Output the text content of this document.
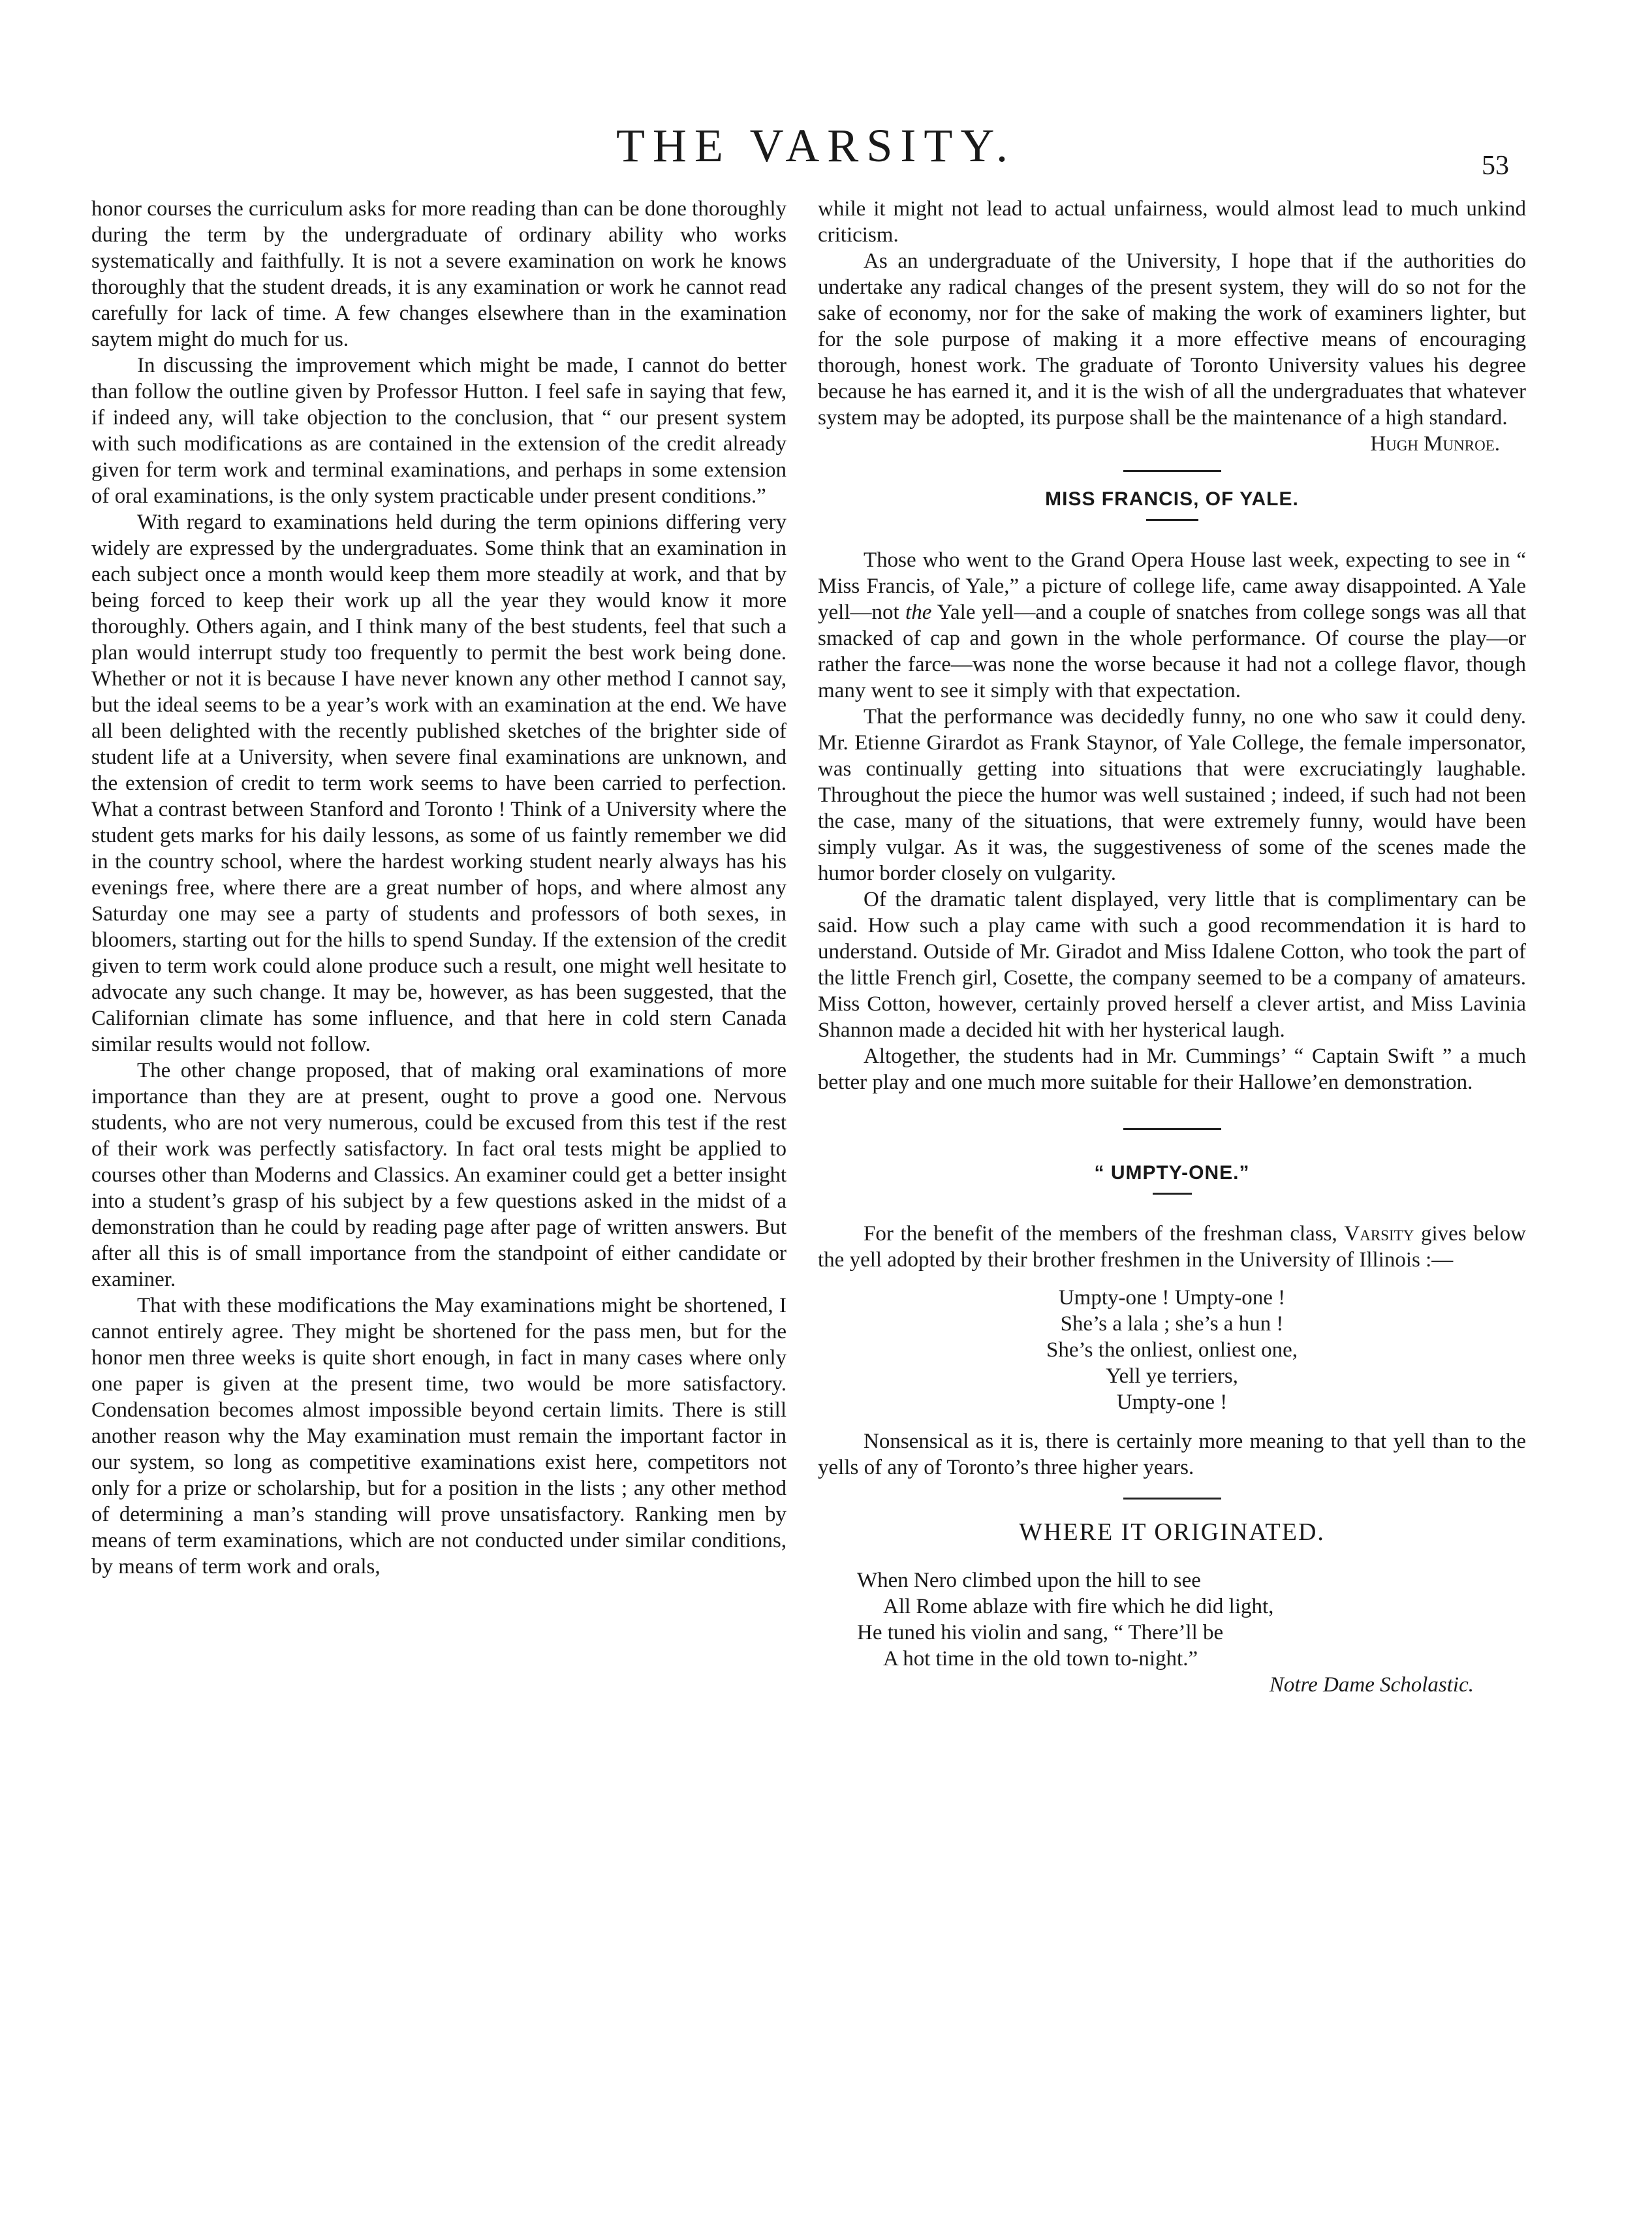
THE VARSITY.	53

honor courses the curriculum asks for more reading than can be done thoroughly during the term by the undergraduate of ordinary ability who works systematically and faithfully. It is not a severe examination on work he knows thoroughly that the student dreads, it is any examination or work he cannot read carefully for lack of time. A few changes elsewhere than in the examination saytem might do much for us.

In discussing the improvement which might be made, I cannot do better than follow the outline given by Professor Hutton. I feel safe in saying that few, if indeed any, will take objection to the conclusion, that “ our present system with such modifications as are contained in the extension of the credit already given for term work and terminal examinations, and perhaps in some extension of oral examinations, is the only system practicable under present conditions.”

With regard to examinations held during the term opinions differing very widely are expressed by the undergraduates. Some think that an examination in each subject once a month would keep them more steadily at work, and that by being forced to keep their work up all the year they would know it more thoroughly. Others again, and I think many of the best students, feel that such a plan would interrupt study too frequently to permit the best work being done. Whether or not it is because I have never known any other method I cannot say, but the ideal seems to be a year’s work with an examination at the end. We have all been delighted with the recently published sketches of the brighter side of student life at a University, when severe final examinations are unknown, and the extension of credit to term work seems to have been carried to perfection. What a contrast between Stanford and Toronto ! Think of a University where the student gets marks for his daily lessons, as some of us faintly remember we did in the country school, where the hardest working student nearly always has his evenings free, where there are a great number of hops, and where almost any Saturday one may see a party of students and professors of both sexes, in bloomers, starting out for the hills to spend Sunday. If the extension of the credit given to term work could alone produce such a result, one might well hesitate to advocate any such change. It may be, however, as has been suggested, that the Californian climate has some influence, and that here in cold stern Canada similar results would not follow.

The other change proposed, that of making oral examinations of more importance than they are at present, ought to prove a good one. Nervous students, who are not very numerous, could be excused from this test if the rest of their work was perfectly satisfactory. In fact oral tests might be applied to courses other than Moderns and Classics. An examiner could get a better insight into a student’s grasp of his subject by a few questions asked in the midst of a demonstration than he could by reading page after page of written answers. But after all this is of small importance from the standpoint of either candidate or examiner.

That with these modifications the May examinations might be shortened, I cannot entirely agree. They might be shortened for the pass men, but for the honor men three weeks is quite short enough, in fact in many cases where only one paper is given at the present time, two would be more satisfactory. Condensation becomes almost impossible beyond certain limits. There is still another reason why the May examination must remain the important factor in our system, so long as competitive examinations exist here, competitors not only for a prize or scholarship, but for a position in the lists ; any other method of determining a man’s standing will prove unsatisfactory. Ranking men by means of term examinations, which are not conducted under similar conditions, by means of term work and orals,

while it might not lead to actual unfairness, would almost lead to much unkind criticism.

As an undergraduate of the University, I hope that if the authorities do undertake any radical changes of the present system, they will do so not for the sake of economy, nor for the sake of making the work of examiners lighter, but for the sole purpose of making it a more effective means of encouraging thorough, honest work. The graduate of Toronto University values his degree because he has earned it, and it is the wish of all the undergraduates that whatever system may be adopted, its purpose shall be the maintenance of a high standard.

Hugh Munroe.

MISS FRANCIS, OF YALE.

Those who went to the Grand Opera House last week, expecting to see in “ Miss Francis, of Yale,” a picture of college life, came away disappointed. A Yale yell—not the Yale yell—and a couple of snatches from college songs was all that smacked of cap and gown in the whole performance. Of course the play—or rather the farce—was none the worse because it had not a college flavor, though many went to see it simply with that expectation.

That the performance was decidedly funny, no one who saw it could deny. Mr. Etienne Girardot as Frank Staynor, of Yale College, the female impersonator, was continually getting into situations that were excruciatingly laughable. Throughout the piece the humor was well sustained ; indeed, if such had not been the case, many of the situations, that were extremely funny, would have been simply vulgar. As it was, the suggestiveness of some of the scenes made the humor border closely on vulgarity.

Of the dramatic talent displayed, very little that is complimentary can be said. How such a play came with such a good recommendation it is hard to understand. Outside of Mr. Giradot and Miss Idalene Cotton, who took the part of the little French girl, Cosette, the company seemed to be a company of amateurs. Miss Cotton, however, certainly proved herself a clever artist, and Miss Lavinia Shannon made a decided hit with her hysterical laugh.

Altogether, the students had in Mr. Cummings’ “ Captain Swift ” a much better play and one much more suitable for their Hallowe’en demonstration.

“ UMPTY-ONE.”

For the benefit of the members of the freshman class, Varsity gives below the yell adopted by their brother freshmen in the University of Illinois :—

Umpty-one ! Umpty-one !
She’s a lala ; she’s a hun !
She’s the onliest, onliest one,
Yell ye terriers,
Umpty-one !

Nonsensical as it is, there is certainly more meaning to that yell than to the yells of any of Toronto’s three higher years.

WHERE IT ORIGINATED.
When Nero climbed upon the hill to see
All Rome ablaze with fire which he did light,
He tuned his violin and sang, “ There’ll be
A hot time in the old town to-night.”

Notre Dame Scholastic.
